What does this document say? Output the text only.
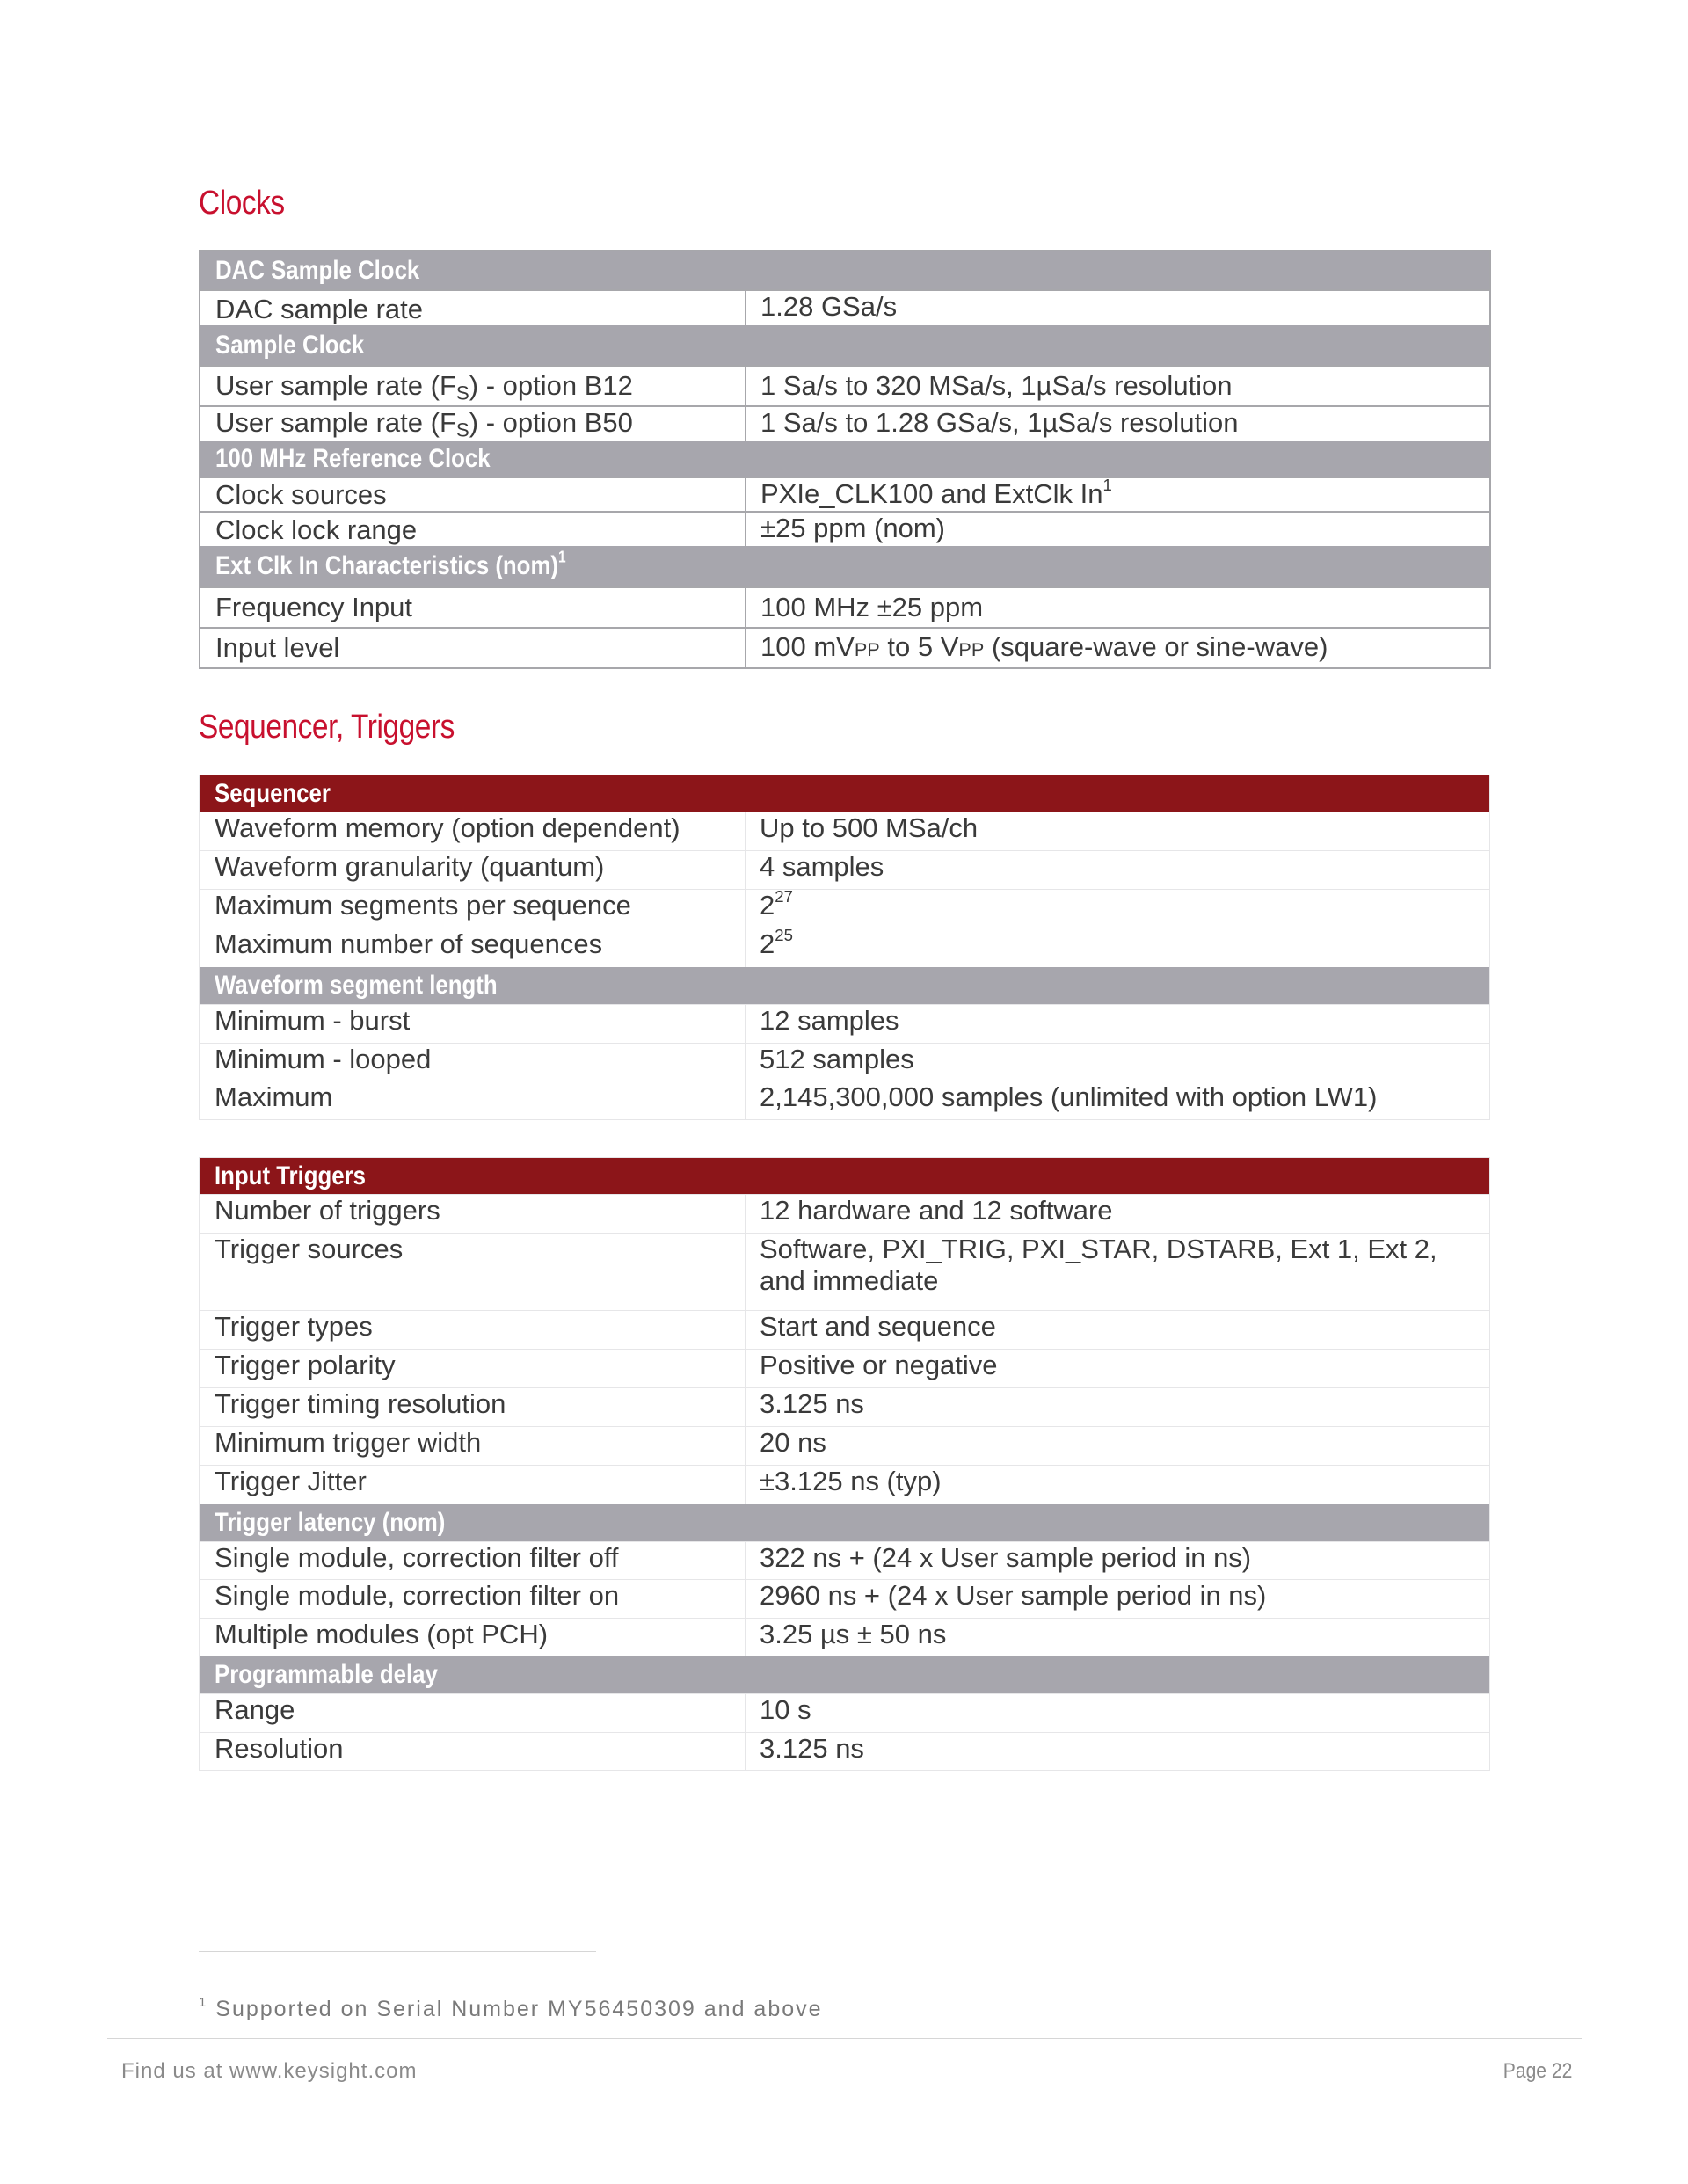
Clocks
DAC Sample Clock	
DAC sample rate	1.28 GSa/s
Sample Clock	
User sample rate $(F_S)$ - option B12	1 Sa/s to 320 MSa/s, 1µSa/s resolution
User sample rate $(F_S)$ - option B50	1 Sa/s to 1.28 GSa/s, 1µSa/s resolution
100 MHz Reference Clock	
Clock sources	PXIe_CLK100 and ExtClk In$^1$
Clock lock range	±25 ppm (nom)
Ext Clk In Characteristics (nom)$^1$
Frequency Input	100 MHz ±25 ppm
Input level	100 mVPP to 5 VPP (square-wave or sine-wave)
Sequencer, Triggers
Sequencer	
Waveform memory (option dependent)	Up to 500 MSa/ch
Waveform granularity (quantum)	4 samples
Maximum segments per sequence	$2^{27}$
Maximum number of sequences	$2^{25}$
Waveform segment length	
Minimum - burst	12 samples
Minimum - looped	512 samples
Maximum	2,145,300,000 samples (unlimited with option LW1)
Input Triggers	
Number of triggers	12 hardware and 12 software
Trigger sources	Software, PXI_TRIG, PXI_STAR, DSTARB, Ext 1, Ext 2,
and immediate

Trigger types	Start and sequence
Trigger polarity	Positive or negative
Trigger timing resolution	3.125 ns
Minimum trigger width	20 ns
Trigger Jitter	±3.125 ns (typ)
Trigger latency (nom)	
Single module, correction filter off	322 ns + (24 x User sample period in ns)
Single module, correction filter on	2960 ns + (24 x User sample period in ns)
Multiple modules (opt PCH)	3.25 µs ± 50 ns
Programmable delay	
Range	10 s
Resolution	3.125 ns
$^1$ Supported on Serial Number MY56450309 and above
Find us at www.keysight.com	Page 22
